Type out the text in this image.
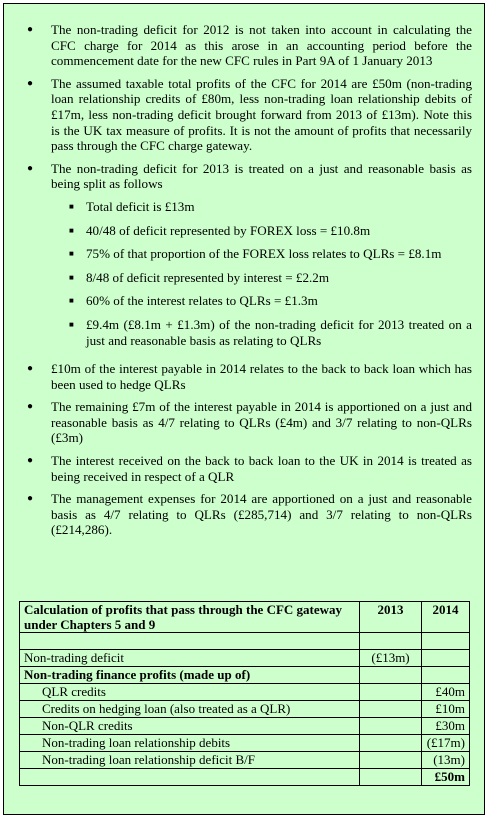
● The non-trading deficit for 2012 is not taken into account in calculating the CFC charge for 2014 as this arose in an accounting period before the commencement date for the new CFC rules in Part 9A of 1 January 2013
● The assumed taxable total profits of the CFC for 2014 are £50m (non-trading loan relationship credits of £80m, less non-trading loan relationship debits of £17m, less non-trading deficit brought forward from 2013 of £13m). Note this is the UK tax measure of profits. It is not the amount of profits that necessarily pass through the CFC charge gateway.
● The non-trading deficit for 2013 is treated on a just and reasonable basis as being split as follows
■ Total deficit is £13m
■ 40/48 of deficit represented by FOREX loss = £10.8m
■ 75% of that proportion of the FOREX loss relates to QLRs = £8.1m
■ 8/48 of deficit represented by interest = £2.2m
■ 60% of the interest relates to QLRs = £1.3m
■ £9.4m (£8.1m + £1.3m) of the non-trading deficit for 2013 treated on a just and reasonable basis as relating to QLRs
● £10m of the interest payable in 2014 relates to the back to back loan which has been used to hedge QLRs
● The remaining £7m of the interest payable in 2014 is apportioned on a just and reasonable basis as 4/7 relating to QLRs (£4m) and 3/7 relating to non-QLRs (£3m)
● The interest received on the back to back loan to the UK in 2014 is treated as being received in respect of a QLR
● The management expenses for 2014 are apportioned on a just and reasonable basis as 4/7 relating to QLRs (£285,714) and 3/7 relating to non-QLRs (£214,286).
Calculation of profits that pass through the CFC gateway under Chapters 5 and 9	2013	2014

Non-trading deficit	(£13m)	
Non-trading finance profits (made up of)		
QLR credits		£40m
Credits on hedging loan (also treated as a QLR)		£10m
Non-QLR credits		£30m
Non-trading loan relationship debits		(£17m)
Non-trading loan relationship deficit B/F		(13m)
		£50m
